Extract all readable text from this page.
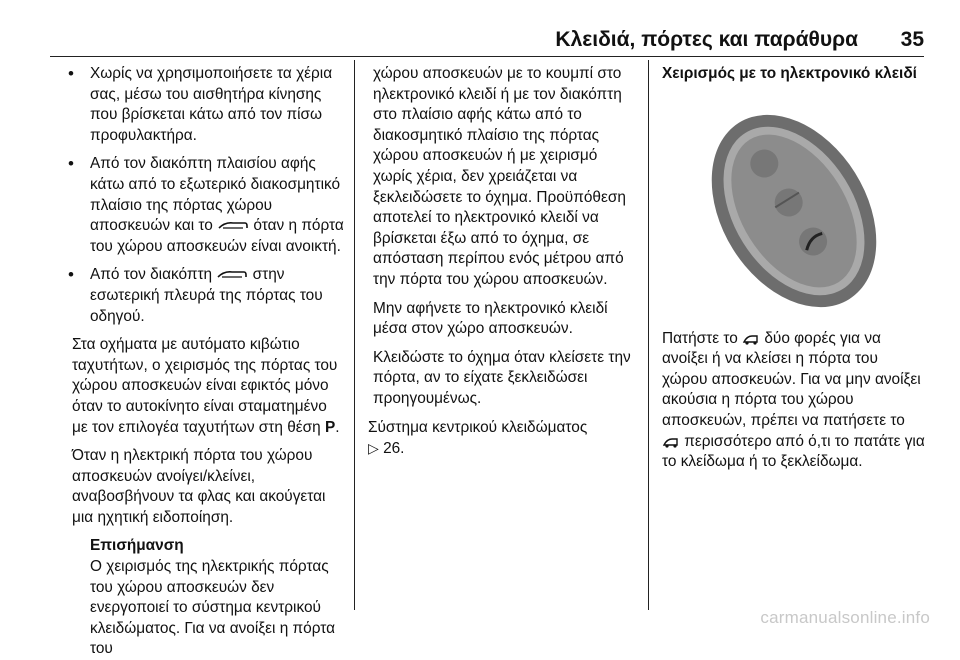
Κλειδιά, πόρτες και παράθυρα 35
• Χωρίς να χρησιμοποιήσετε τα χέρια σας, μέσω του αισθητήρα κίνησης που βρίσκεται κάτω από τον πίσω προφυλακτήρα.
• Από τον διακόπτη πλαισίου αφής κάτω από το εξωτερικό διακοσμητικό πλαίσιο της πόρτας χώρου αποσκευών και το	όταν η πόρτα του χώρου αποσκευών είναι ανοικτή.
• Από τον διακόπτη	στην εσωτερική πλευρά της πόρτας του οδηγού.

Στα οχήματα με αυτόματο κιβώτιο ταχυτήτων, ο χειρισμός της πόρτας του χώρου αποσκευών είναι εφικτός μόνο όταν το αυτοκίνητο είναι σταματημένο με τον επιλογέα ταχυτήτων στη θέση P.

Όταν η ηλεκτρική πόρτα του χώρου αποσκευών ανοίγει/κλείνει, αναβοσβήνουν τα φλας και ακούγεται μια ηχητική ειδοποίηση.

Επισήμανση
Ο χειρισμός της ηλεκτρικής πόρτας του χώρου αποσκευών δεν ενεργοποιεί το σύστημα κεντρικού κλειδώματος. Για να ανοίξει η πόρτα του

χώρου αποσκευών με το κουμπί στο ηλεκτρονικό κλειδί ή με τον διακόπτη στο πλαίσιο αφής κάτω από το διακοσμητικό πλαίσιο της πόρτας χώρου αποσκευών ή με χειρισμό χωρίς χέρια, δεν χρειάζεται να ξεκλειδώσετε το όχημα. Προϋπόθεση αποτελεί το ηλεκτρονικό κλειδί να βρίσκεται έξω από το όχημα, σε απόσταση περίπου ενός μέτρου από την πόρτα του χώρου αποσκευών.

Μην αφήνετε το ηλεκτρονικό κλειδί μέσα στον χώρο αποσκευών.

Κλειδώστε το όχημα όταν κλείσετε την πόρτα, αν το είχατε ξεκλειδώσει προηγουμένως.

Σύστημα κεντρικού κλειδώματος
▷ 26.

Χειρισμός με το ηλεκτρονικό κλειδί

Πατήστε το δύο φορές για να ανοίξει ή να κλείσει η πόρτα του χώρου αποσκευών. Για να μην ανοίξει ακούσια η πόρτα του χώρου αποσκευών, πρέπει να πατήσετε το  περισσότερο από ό,τι το πατάτε για το κλείδωμα ή το ξεκλείδωμα.

carmanualsonline.info
